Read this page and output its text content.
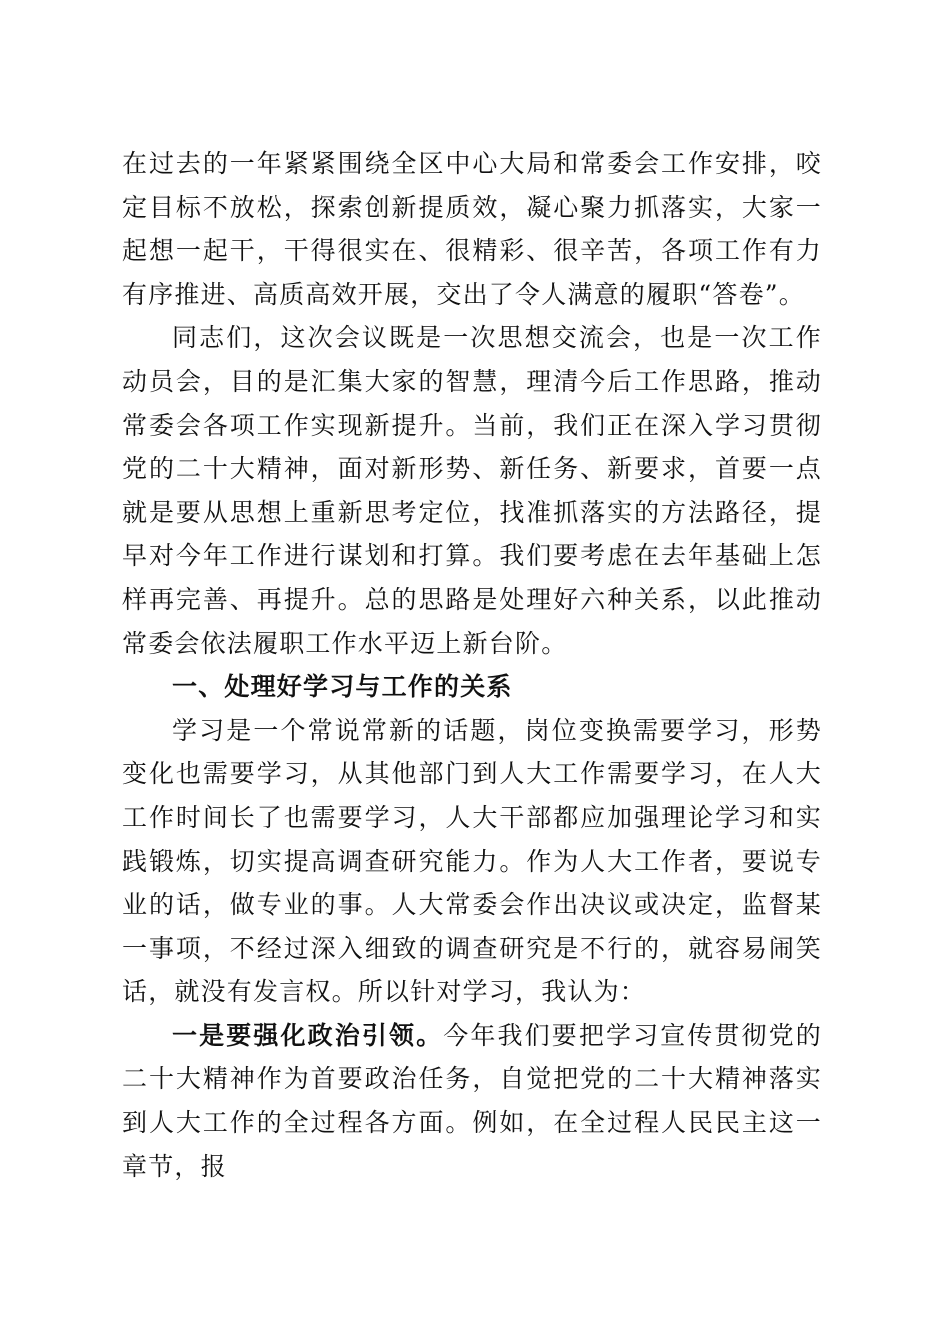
在过去的一年紧紧围绕全区中心大局和常委会工作安排，咬定目标不放松，探索创新提质效，凝心聚力抓落实，大家一起想一起干，干得很实在、很精彩、很辛苦，各项工作有力有序推进、高质高效开展，交出了令人满意的履职“答卷”。

同志们，这次会议既是一次思想交流会，也是一次工作动员会，目的是汇集大家的智慧，理清今后工作思路，推动常委会各项工作实现新提升。当前，我们正在深入学习贯彻党的二十大精神，面对新形势、新任务、新要求，首要一点就是要从思想上重新思考定位，找准抓落实的方法路径，提早对今年工作进行谋划和打算。我们要考虑在去年基础上怎样再完善、再提升。总的思路是处理好六种关系，以此推动常委会依法履职工作水平迈上新台阶。

一、处理好学习与工作的关系

学习是一个常说常新的话题，岗位变换需要学习，形势变化也需要学习，从其他部门到人大工作需要学习，在人大工作时间长了也需要学习，人大干部都应加强理论学习和实践锻炼，切实提高调查研究能力。作为人大工作者，要说专业的话，做专业的事。人大常委会作出决议或决定，监督某一事项，不经过深入细致的调查研究是不行的，就容易闹笑话，就没有发言权。所以针对学习，我认为：

一是要强化政治引领。今年我们要把学习宣传贯彻党的二十大精神作为首要政治任务，自觉把党的二十大精神落实到人大工作的全过程各方面。例如，在全过程人民民主这一章节，报
